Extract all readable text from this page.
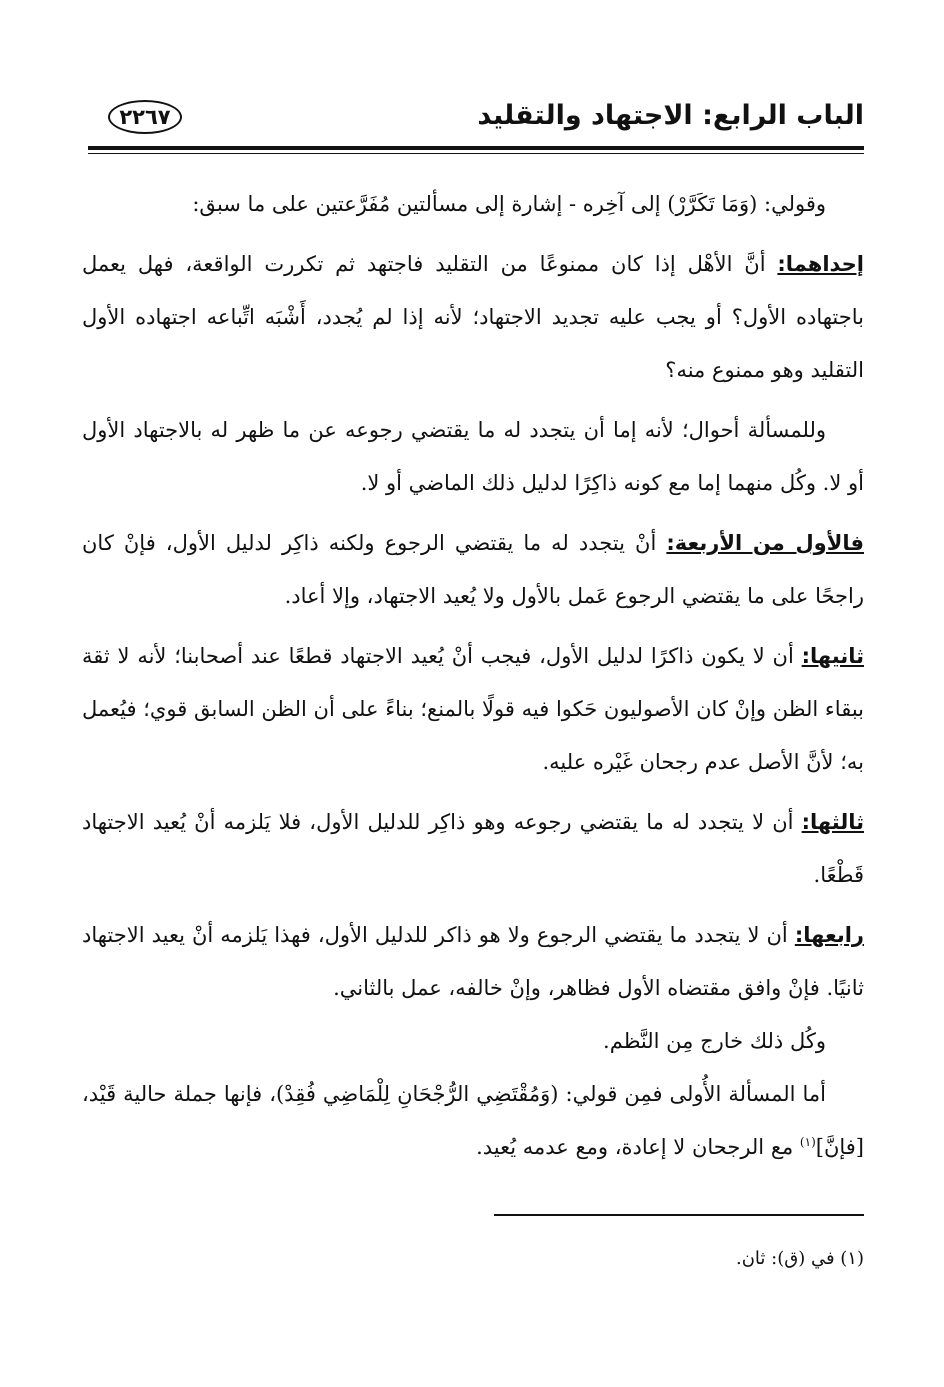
الباب الرابع: الاجتهاد والتقليد
٢٢٦٧

وقولي: (وَمَا تَكَرَّرْ) إلى آخِره - إشارة إلى مسألتين مُفَرَّعتين على ما سبق:

إحداهما: أنَّ الأهْل إذا كان ممنوعًا من التقليد فاجتهد ثم تكررت الواقعة، فهل يعمل باجتهاده الأول؟ أو يجب عليه تجديد الاجتهاد؛ لأنه إذا لم يُجدد، أَشْبَه اتِّباعه اجتهاده الأول التقليد وهو ممنوع منه؟

وللمسألة أحوال؛ لأنه إما أن يتجدد له ما يقتضي رجوعه عن ما ظهر له بالاجتهاد الأول أو لا. وكُل منهما إما مع كونه ذاكِرًا لدليل ذلك الماضي أو لا.

فالأول من الأربعة: أنْ يتجدد له ما يقتضي الرجوع ولكنه ذاكِر لدليل الأول، فإنْ كان راجحًا على ما يقتضي الرجوع عَمل بالأول ولا يُعيد الاجتهاد، وإلا أعاد.

ثانيها: أن لا يكون ذاكرًا لدليل الأول، فيجب أنْ يُعيد الاجتهاد قطعًا عند أصحابنا؛ لأنه لا ثقة ببقاء الظن وإنْ كان الأصوليون حَكوا فيه قولًا بالمنع؛ بناءً على أن الظن السابق قوي؛ فيُعمل به؛ لأنَّ الأصل عدم رجحان غَيْره عليه.

ثالثها: أن لا يتجدد له ما يقتضي رجوعه وهو ذاكِر للدليل الأول، فلا يَلزمه أنْ يُعيد الاجتهاد قَطْعًا.

رابعها: أن لا يتجدد ما يقتضي الرجوع ولا هو ذاكر للدليل الأول، فهذا يَلزمه أنْ يعيد الاجتهاد ثانيًا. فإنْ وافق مقتضاه الأول فظاهر، وإنْ خالفه، عمل بالثاني.

وكُل ذلك خارج مِن النَّظم.

أما المسألة الأُولى فمِن قولي: (وَمُقْتَضِي الرُّجْحَانِ لِلْمَاضِي فُقِدْ)، فإنها جملة حالية قَيْد، [فإنَّ]$^{(١)}$ مع الرجحان لا إعادة، ومع عدمه يُعيد.

(١) في (ق): ثان.
